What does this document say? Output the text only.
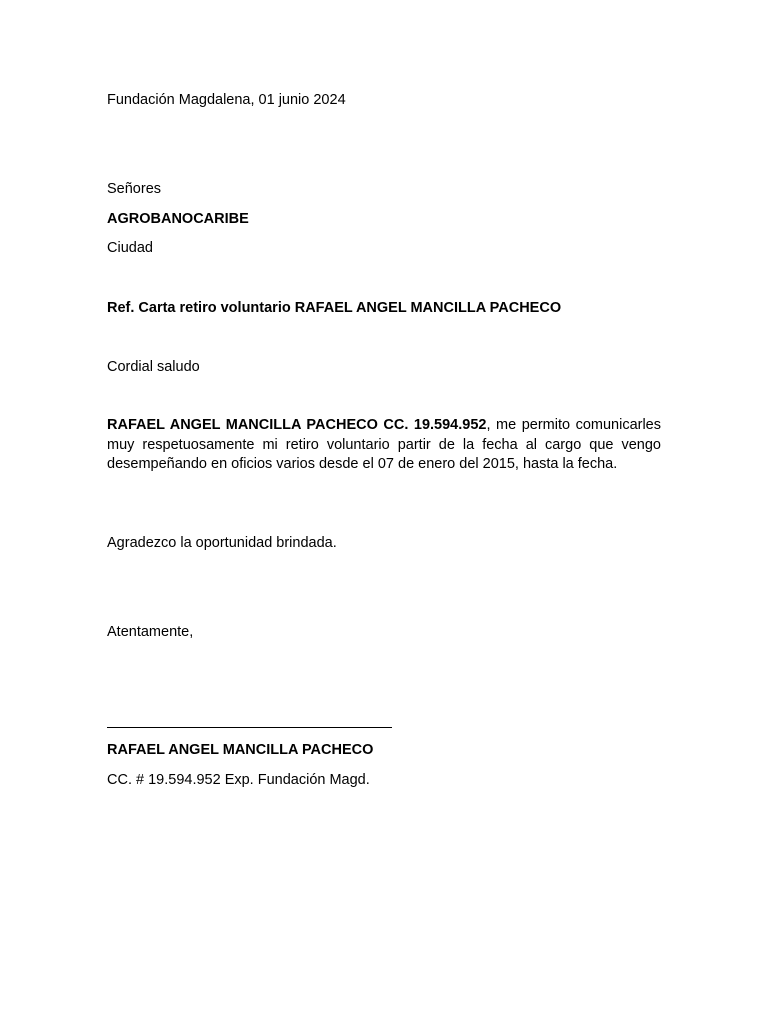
Fundación Magdalena, 01 junio 2024
Señores
AGROBANOCARIBE
Ciudad
Ref. Carta retiro voluntario RAFAEL ANGEL MANCILLA PACHECO
Cordial saludo
RAFAEL ANGEL MANCILLA PACHECO CC. 19.594.952, me permito comunicarles muy respetuosamente mi retiro voluntario partir de la fecha al cargo que vengo desempeñando en oficios varios desde el 07 de enero del 2015, hasta la fecha.
Agradezco la oportunidad brindada.
Atentamente,
RAFAEL ANGEL MANCILLA PACHECO
CC. # 19.594.952 Exp. Fundación Magd.
